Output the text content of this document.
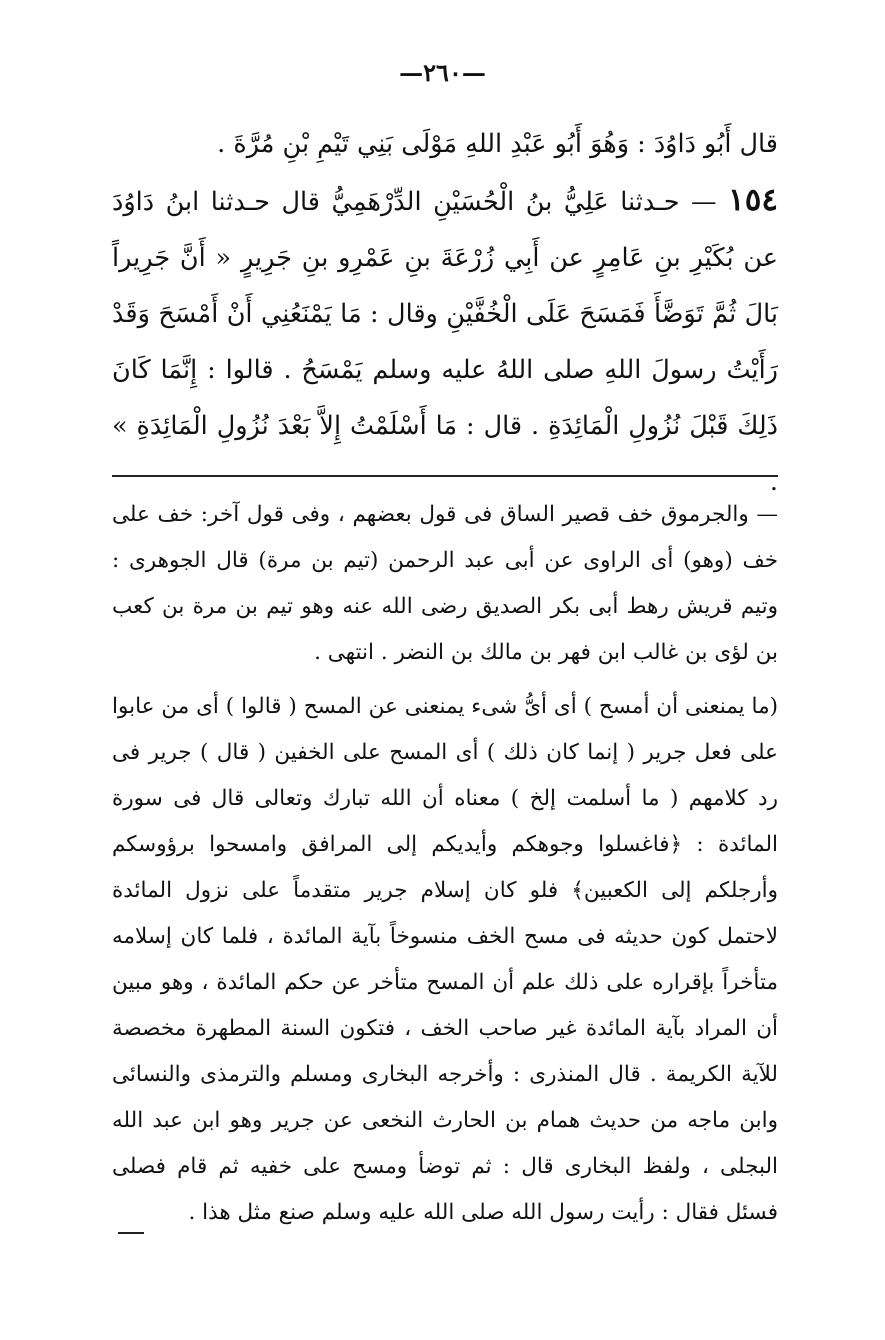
—٢٦٠—

قال أَبُو دَاوُدَ : وَهُوَ أَبُو عَبْدِ اللهِ مَوْلَى بَنِي تَيْمِ بْنِ مُرَّةَ .

١٥٤ — حـدثنا عَلِيُّ بنُ الْحُسَيْنِ الدِّرْهَمِيُّ قال حـدثنا ابنُ دَاوُدَ عن بُكَيْرِ بنِ عَامِرٍ عن أَبِي زُرْعَةَ بنِ عَمْرِو بنِ جَرِيرٍ « أَنَّ جَرِيراً بَالَ ثُمَّ تَوَضَّأَ فَمَسَحَ عَلَى الْخُفَّيْنِ وقال : مَا يَمْنَعُنِي أَنْ أَمْسَحَ وَقَدْ رَأَيْتُ رسولَ اللهِ صلى اللهُ عليه وسلم يَمْسَحُ . قالوا : إِنَّمَا كَانَ ذَلِكَ قَبْلَ نُزُولِ الْمَائِدَةِ . قال : مَا أَسْلَمْتُ إِلاَّ بَعْدَ نُزُولِ الْمَائِدَةِ » .

— والجرموق خف قصير الساق فى قول بعضهم ، وفى قول آخر: خف على خف (وهو) أى الراوى عن أبى عبد الرحمن (تيم بن مرة) قال الجوهرى : وتيم قريش رهط أبى بكر الصديق رضى الله عنه وهو تيم بن مرة بن كعب بن لؤى بن غالب ابن فهر بن مالك بن النضر . انتهى .

(ما يمنعنى أن أمسح ) أى أىُّ شىء يمنعنى عن المسح ( قالوا ) أى من عابوا على فعل جرير ( إنما كان ذلك ) أى المسح على الخفين ( قال ) جرير فى رد كلامهم ( ما أسلمت إلخ ) معناه أن الله تبارك وتعالى قال فى سورة المائدة : ﴿فاغسلوا وجوهكم وأيديكم إلى المرافق وامسحوا برؤوسكم وأرجلكم إلى الكعبين﴾ فلو كان إسلام جرير متقدماً على نزول المائدة لاحتمل كون حديثه فى مسح الخف منسوخاً بآية المائدة ، فلما كان إسلامه متأخراً بإقراره على ذلك علم أن المسح متأخر عن حكم المائدة ، وهو مبين أن المراد بآية المائدة غير صاحب الخف ، فتكون السنة المطهرة مخصصة للآية الكريمة . قال المنذرى : وأخرجه البخارى ومسلم والترمذى والنسائى وابن ماجه من حديث همام بن الحارث النخعى عن جرير وهو ابن عبد الله البجلى ، ولفظ البخارى قال : ثم توضأ ومسح على خفيه ثم قام فصلى فسئل فقال : رأيت رسول الله صلى الله عليه وسلم صنع مثل هذا .
